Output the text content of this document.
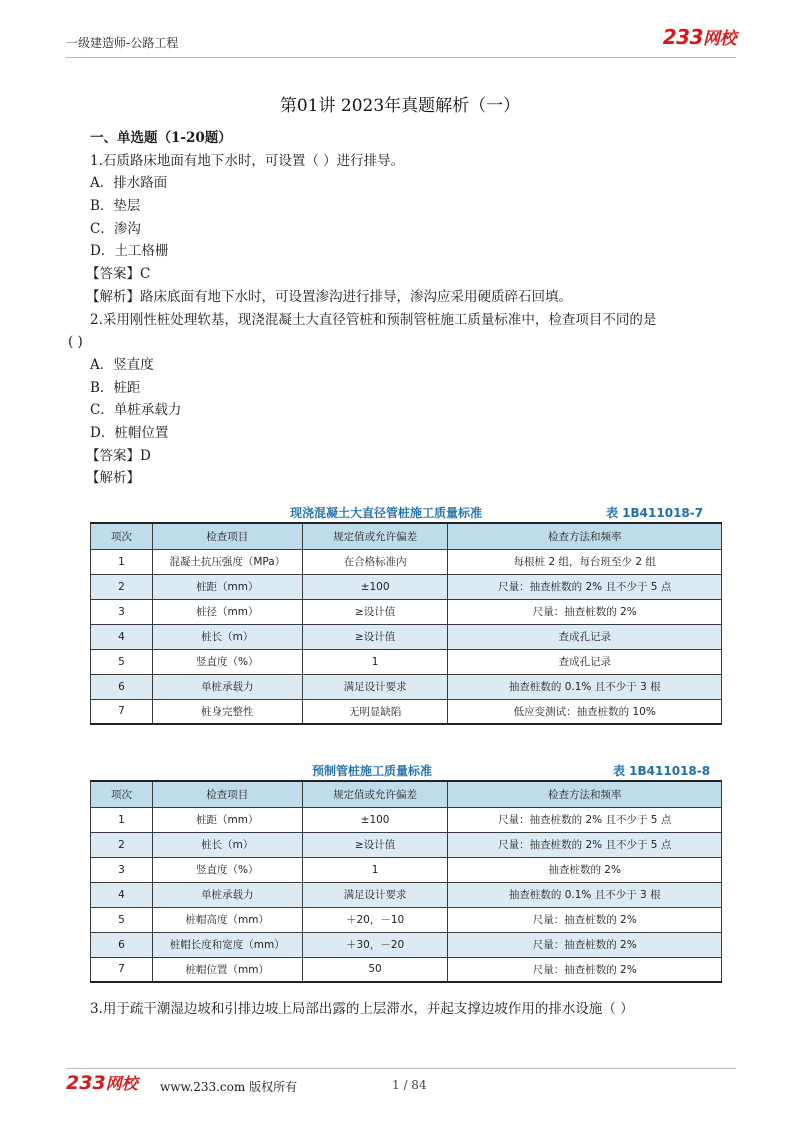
一级建造师-公路工程	233网校
第01讲 2023年真题解析（一）
一、单选题（1-20题）
1.石质路床地面有地下水时，可设置（ ）进行排导。
A．排水路面
B．垫层
C．渗沟
D．土工格栅
【答案】C
【解析】路床底面有地下水时，可设置渗沟进行排导，渗沟应采用硬质碎石回填。
2.采用刚性桩处理软基，现浇混凝土大直径管桩和预制管桩施工质量标准中，检查项目不同的是
( )
A．竖直度
B．桩距
C．单桩承载力
D．桩帽位置
【答案】D
【解析】
现浇混凝土大直径管桩施工质量标准	表 1B411018-7
项次	检查项目	规定值或允许偏差	检查方法和频率
1	混凝土抗压强度（MPa）	在合格标准内	每根桩 2 组，每台班至少 2 组
2	桩距（mm）	±100	尺量：抽查桩数的 2% 且不少于 5 点
3	桩径（mm）	≥设计值	尺量：抽查桩数的 2%
4	桩长（m）	≥设计值	查成孔记录
5	竖直度（%）	1	查成孔记录
6	单桩承载力	满足设计要求	抽查桩数的 0.1% 且不少于 3 根
7	桩身完整性	无明显缺陷	低应变测试：抽查桩数的 10%
预制管桩施工质量标准	表 1B411018-8
项次	检查项目	规定值或允许偏差	检查方法和频率
1	桩距（mm）	±100	尺量：抽查桩数的 2% 且不少于 5 点
2	桩长（m）	≥设计值	尺量：抽查桩数的 2% 且不少于 5 点
3	竖直度（%）	1	抽查桩数的 2%
4	单桩承载力	满足设计要求	抽查桩数的 0.1% 且不少于 3 根
5	桩帽高度（mm）	＋20，－10	尺量：抽查桩数的 2%
6	桩帽长度和宽度（mm）	＋30，－20	尺量：抽查桩数的 2%
7	桩帽位置（mm）	50	尺量：抽查桩数的 2%
3.用于疏干潮湿边坡和引排边坡上局部出露的上层滞水，并起支撑边坡作用的排水设施（ ）
233网校 www.233.com 版权所有	1 / 84
